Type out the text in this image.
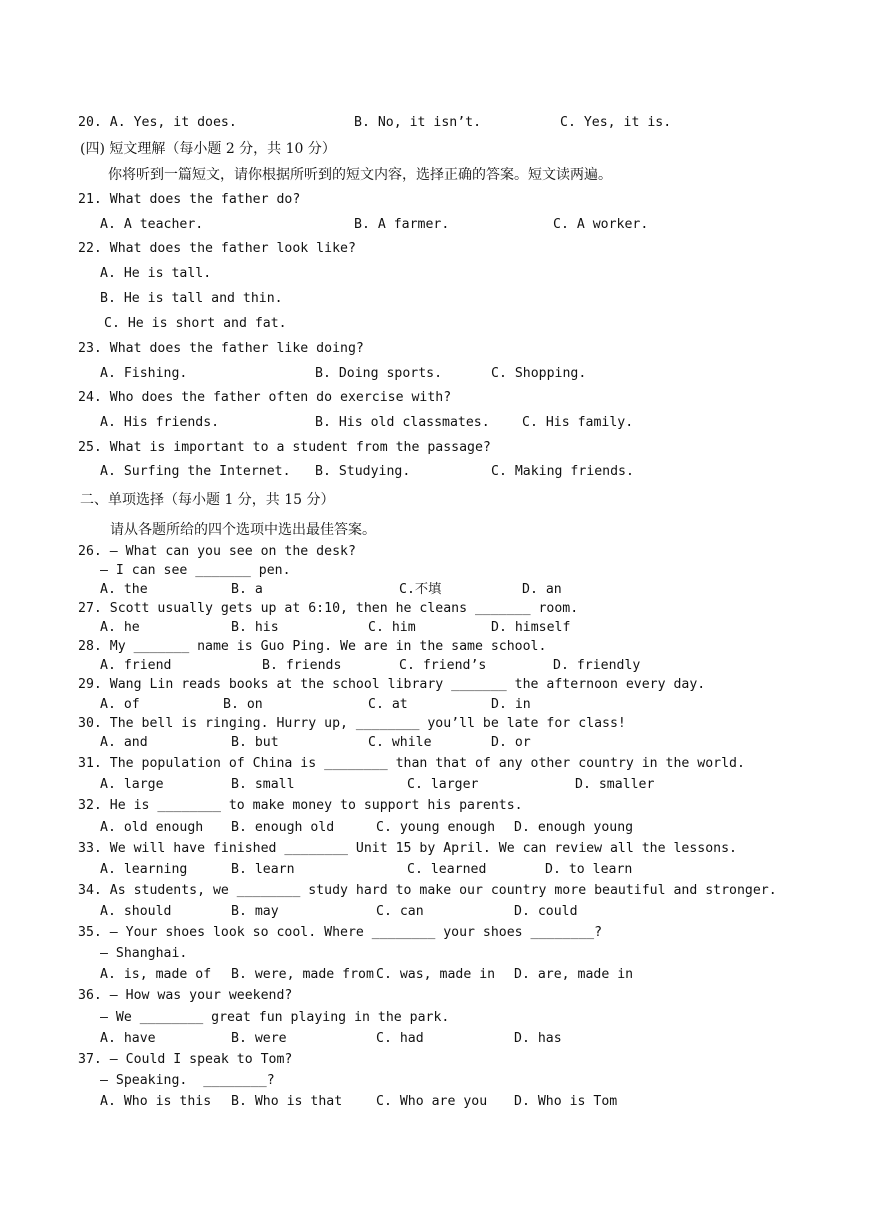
20. A. Yes, it does.	B. No, it isn’t.	C. Yes, it is.
(四) 短文理解（每小题 2 分，共 10 分）
你将听到一篇短文，请你根据所听到的短文内容，选择正确的答案。短文读两遍。
21. What does the father do?
A. A teacher.	B. A farmer.	C. A worker.
22. What does the father look like?
A. He is tall.
B. He is tall and thin.
C. He is short and fat.
23. What does the father like doing?
A. Fishing.	B. Doing sports.	C. Shopping.
24. Who does the father often do exercise with?
A. His friends.	B. His old classmates. C. His family.
25. What is important to a student from the passage?
A. Surfing the Internet. B. Studying.	C. Making friends.
二、单项选择（每小题 1 分，共 15 分）
请从各题所给的四个选项中选出最佳答案。
26. — What can you see on the desk?
— I can see _______ pen.
A. the	B. a	C.不填	D. an
27. Scott usually gets up at 6:10, then he cleans _______ room.
A. he	B. his	C. him	D. himself
28. My _______ name is Guo Ping. We are in the same school.
A. friend	B. friends	C. friend’s	D. friendly
29. Wang Lin reads books at the school library _______ the afternoon every day.
A. of	B. on	C. at	D. in
30. The bell is ringing. Hurry up, ________ you’ll be late for class!
A. and	B. but	C. while	D. or
31. The population of China is ________ than that of any other country in the world.
A. large	B. small	C. larger	D. smaller
32. He is ________ to make money to support his parents.
A. old enough B. enough old	C. young enough D. enough young
33. We will have finished ________ Unit 15 by April. We can review all the lessons.
A. learning	B. learn	C. learned	D. to learn
34. As students, we ________ study hard to make our country more beautiful and stronger.
A. should	B. may	C. can	D. could
35. — Your shoes look so cool. Where ________ your shoes ________?
— Shanghai.
A. is, made of B. were, made from C. was, made in D. are, made in
36. — How was your weekend?
— We ________ great fun playing in the park.
A. have	B. were	C. had	D. has
37. — Could I speak to Tom?
— Speaking.  ________?
A. Who is this B. Who is that	C. Who are you D. Who is Tom
